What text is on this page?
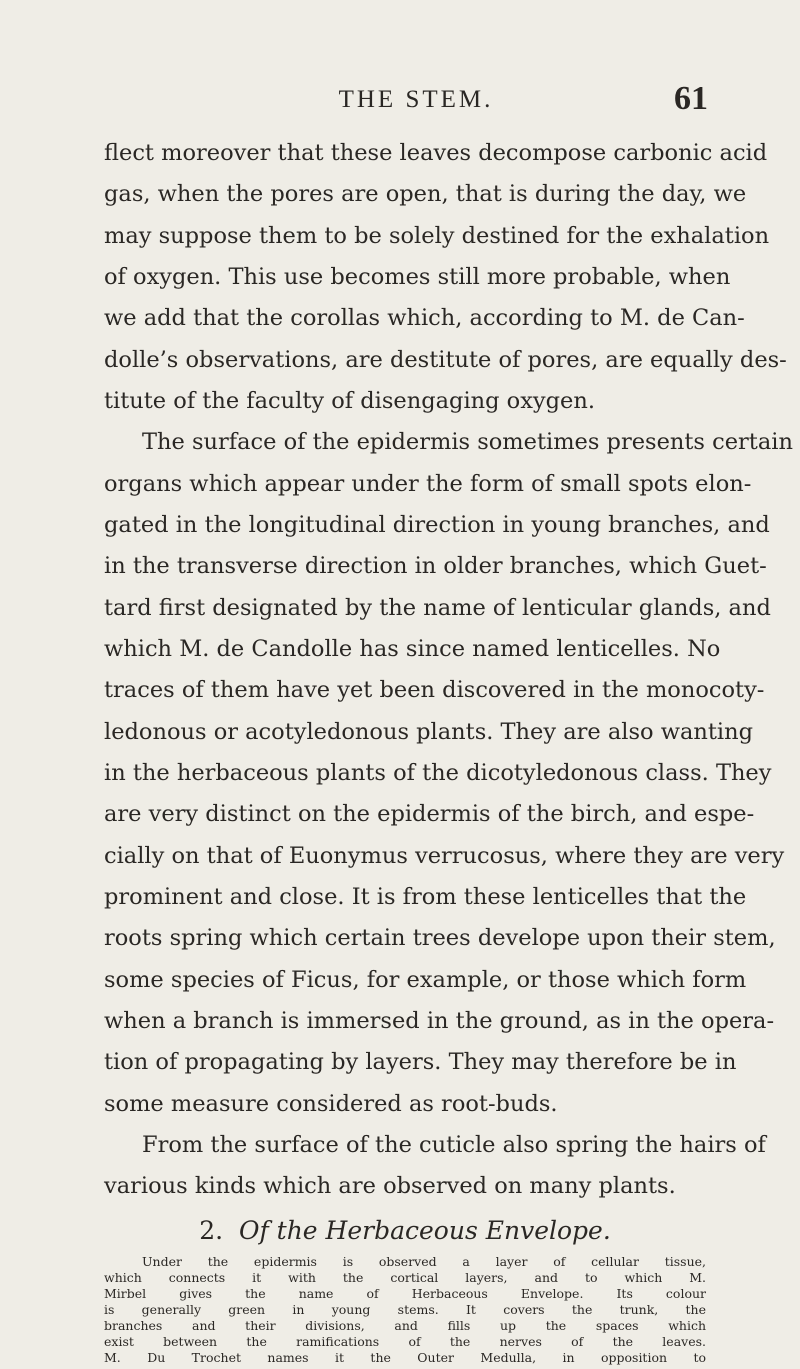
THE STEM.	61
flect moreover that these leaves decompose carbonic acid
gas, when the pores are open, that is during the day, we
may suppose them to be solely destined for the exhalation
of oxygen. This use becomes still more probable, when
we add that the corollas which, according to M. de Can-
dolle’s observations, are destitute of pores, are equally des-
titute of the faculty of disengaging oxygen.
The surface of the epidermis sometimes presents certain
organs which appear under the form of small spots elon-
gated in the longitudinal direction in young branches, and
in the transverse direction in older branches, which Guet-
tard first designated by the name of lenticular glands, and
which M. de Candolle has since named lenticelles. No
traces of them have yet been discovered in the monocoty-
ledonous or acotyledonous plants. They are also wanting
in the herbaceous plants of the dicotyledonous class. They
are very distinct on the epidermis of the birch, and espe-
cially on that of Euonymus verrucosus, where they are very
prominent and close. It is from these lenticelles that the
roots spring which certain trees develope upon their stem,
some species of Ficus, for example, or those which form
when a branch is immersed in the ground, as in the opera-
tion of propagating by layers. They may therefore be in
some measure considered as root-buds.
From the surface of the cuticle also spring the hairs of
various kinds which are observed on many plants.
2. Of the Herbaceous Envelope.
Under the epidermis is observed a layer of cellular tissue,
which connects it with the cortical layers, and to which M.
Mirbel gives the name of Herbaceous Envelope. Its colour
is generally green in young stems. It covers the trunk, the
branches and their divisions, and fills up the spaces which
exist between the ramifications of the nerves of the leaves.
M. Du Trochet names it the Outer Medulla, in opposition to
